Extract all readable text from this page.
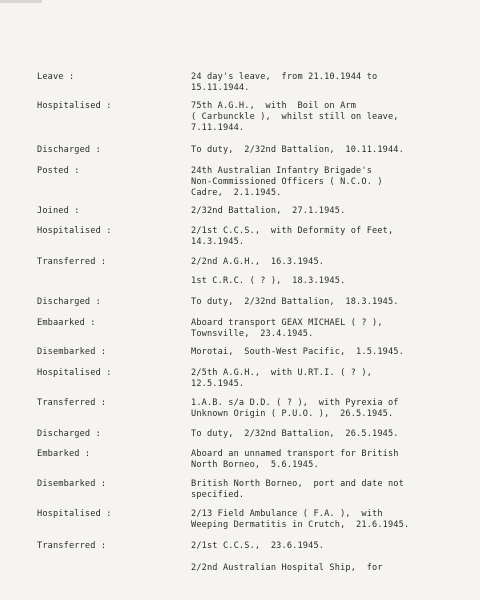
Leave :	24 day's leave,  from 21.10.1944 to
15.11.1944.
Hospitalised :	75th A.G.H.,  with  Boil on Arm
( Carbunckle ),  whilst still on leave,
7.11.1944.
Discharged :	To duty,  2/32nd Battalion,  10.11.1944.
Posted :	24th Australian Infantry Brigade's
Non-Commissioned Officers ( N.C.O. )
Cadre,  2.1.1945.
Joined :	2/32nd Battalion,  27.1.1945.
Hospitalised :	2/1st C.C.S.,  with Deformity of Feet,
14.3.1945.
Transferred :	2/2nd A.G.H.,  16.3.1945.
1st C.R.C. ( ? ),  18.3.1945.
Discharged :	To duty,  2/32nd Battalion,  18.3.1945.
Embaarked :	Aboard transport GEAX MICHAEL ( ? ),
Townsville,  23.4.1945.
Disembarked :	Morotai,  South-West Pacific,  1.5.1945.
Hospitalised :	2/5th A.G.H.,  with U.RT.I. ( ? ),
12.5.1945.
Transferred :	1.A.B. s/a D.D. ( ? ),  with Pyrexia of
Unknown Origin ( P.U.O. ),  26.5.1945.
Discharged :	To duty,  2/32nd Battalion,  26.5.1945.
Embarked :	Aboard an unnamed transport for British
North Borneo,  5.6.1945.
Disembarked :	British North Borneo,  port and date not
specified.
Hospitalised :	2/13 Field Ambulance ( F.A. ),  with
Weeping Dermatitis in Crutch,  21.6.1945.
Transferred :	2/1st C.C.S.,  23.6.1945.
2/2nd Australian Hospital Ship,  for
